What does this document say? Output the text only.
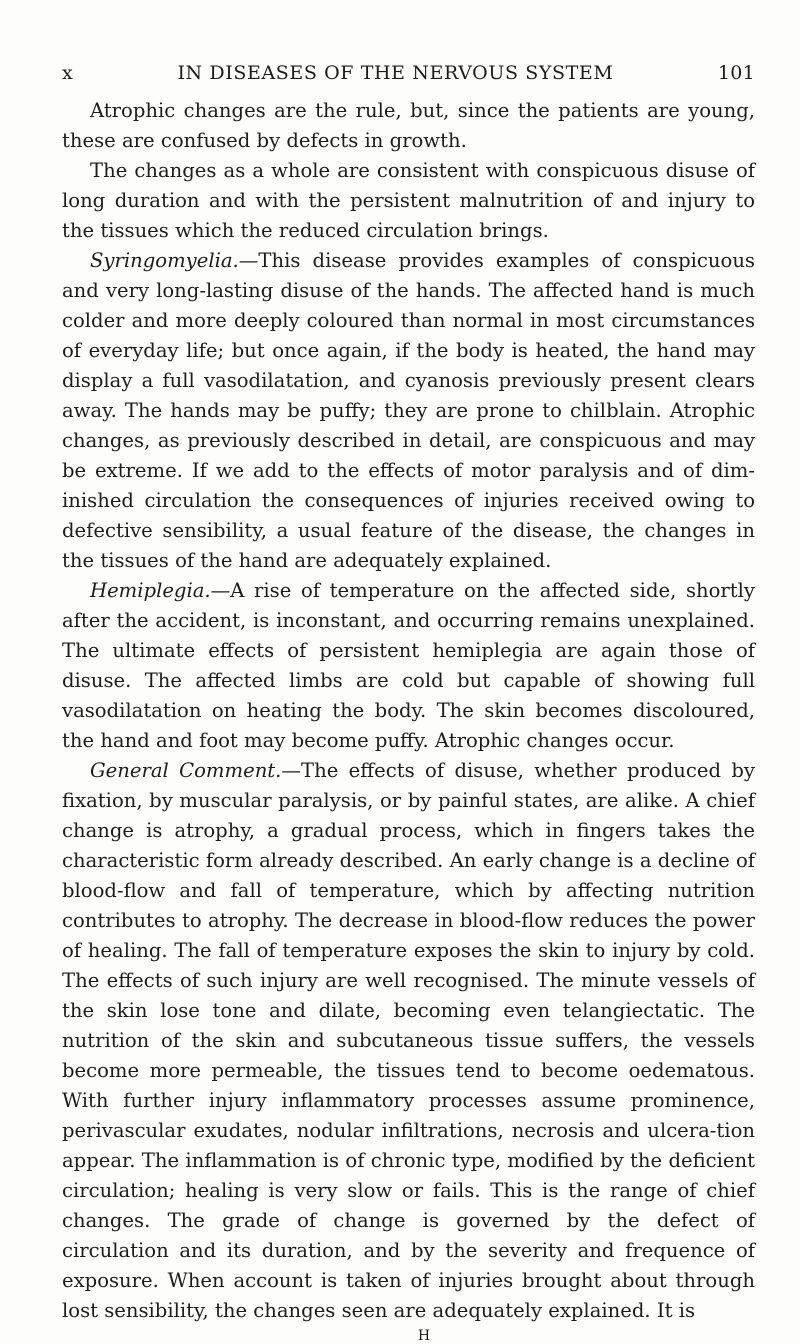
x	IN DISEASES OF THE NERVOUS SYSTEM	101

Atrophic changes are the rule, but, since the patients are young, these are confused by defects in growth.

The changes as a whole are consistent with conspicuous disuse of long duration and with the persistent malnutrition of and injury to the tissues which the reduced circulation brings.

Syringomyelia.—This disease provides examples of conspicuous and very long-lasting disuse of the hands. The affected hand is much colder and more deeply coloured than normal in most circumstances of everyday life; but once again, if the body is heated, the hand may display a full vasodilatation, and cyanosis previously present clears away. The hands may be puffy; they are prone to chilblain. Atrophic changes, as previously described in detail, are conspicuous and may be extreme. If we add to the effects of motor paralysis and of dim-inished circulation the consequences of injuries received owing to defective sensibility, a usual feature of the disease, the changes in the tissues of the hand are adequately explained.

Hemiplegia.—A rise of temperature on the affected side, shortly after the accident, is inconstant, and occurring remains unexplained. The ultimate effects of persistent hemiplegia are again those of disuse. The affected limbs are cold but capable of showing full vasodilatation on heating the body. The skin becomes discoloured, the hand and foot may become puffy. Atrophic changes occur.

General Comment.—The effects of disuse, whether produced by fixation, by muscular paralysis, or by painful states, are alike. A chief change is atrophy, a gradual process, which in fingers takes the characteristic form already described. An early change is a decline of blood-flow and fall of temperature, which by affecting nutrition contributes to atrophy. The decrease in blood-flow reduces the power of healing. The fall of temperature exposes the skin to injury by cold. The effects of such injury are well recognised. The minute vessels of the skin lose tone and dilate, becoming even telangiectatic. The nutrition of the skin and subcutaneous tissue suffers, the vessels become more permeable, the tissues tend to become oedematous. With further injury inflammatory processes assume prominence, perivascular exudates, nodular infiltrations, necrosis and ulcera-tion appear. The inflammation is of chronic type, modified by the deficient circulation; healing is very slow or fails. This is the range of chief changes. The grade of change is governed by the defect of circulation and its duration, and by the severity and frequence of exposure. When account is taken of injuries brought about through lost sensibility, the changes seen are adequately explained. It is

H
